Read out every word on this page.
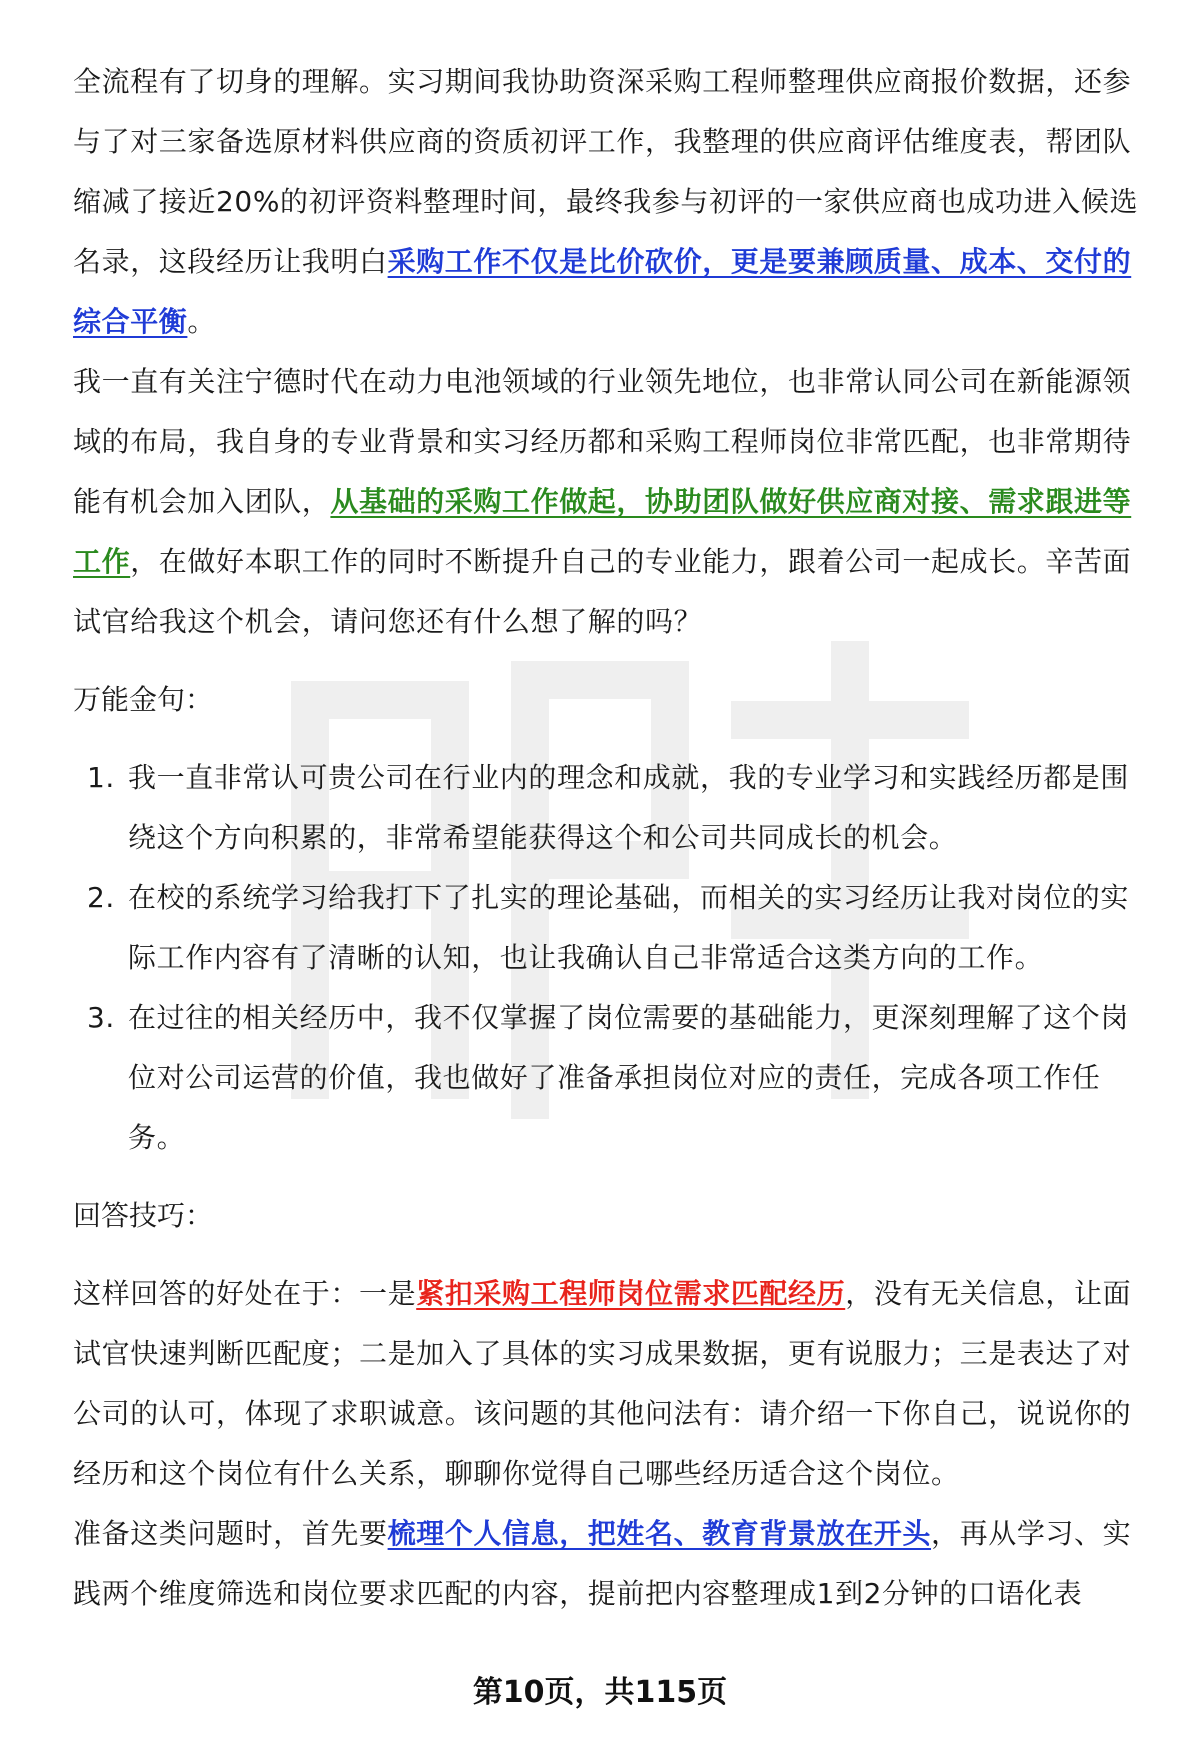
全流程有了切身的理解。实习期间我协助资深采购工程师整理供应商报价数据，还参与了对三家备选原材料供应商的资质初评工作，我整理的供应商评估维度表，帮团队缩减了接近20%的初评资料整理时间，最终我参与初评的一家供应商也成功进入候选名录，这段经历让我明白采购工作不仅是比价砍价，更是要兼顾质量、成本、交付的综合平衡。

我一直有关注宁德时代在动力电池领域的行业领先地位，也非常认同公司在新能源领域的布局，我自身的专业背景和实习经历都和采购工程师岗位非常匹配，也非常期待能有机会加入团队，从基础的采购工作做起，协助团队做好供应商对接、需求跟进等工作，在做好本职工作的同时不断提升自己的专业能力，跟着公司一起成长。辛苦面试官给我这个机会，请问您还有什么想了解的吗？

万能金句：

1. 我一直非常认可贵公司在行业内的理念和成就，我的专业学习和实践经历都是围绕这个方向积累的，非常希望能获得这个和公司共同成长的机会。
2. 在校的系统学习给我打下了扎实的理论基础，而相关的实习经历让我对岗位的实际工作内容有了清晰的认知，也让我确认自己非常适合这类方向的工作。
3. 在过往的相关经历中，我不仅掌握了岗位需要的基础能力，更深刻理解了这个岗位对公司运营的价值，我也做好了准备承担岗位对应的责任，完成各项工作任务。

回答技巧：

这样回答的好处在于：一是紧扣采购工程师岗位需求匹配经历，没有无关信息，让面试官快速判断匹配度；二是加入了具体的实习成果数据，更有说服力；三是表达了对公司的认可，体现了求职诚意。该问题的其他问法有：请介绍一下你自己，说说你的经历和这个岗位有什么关系，聊聊你觉得自己哪些经历适合这个岗位。

准备这类问题时，首先要梳理个人信息，把姓名、教育背景放在开头，再从学习、实践两个维度筛选和岗位要求匹配的内容，提前把内容整理成1到2分钟的口语化表

第10页，共115页
